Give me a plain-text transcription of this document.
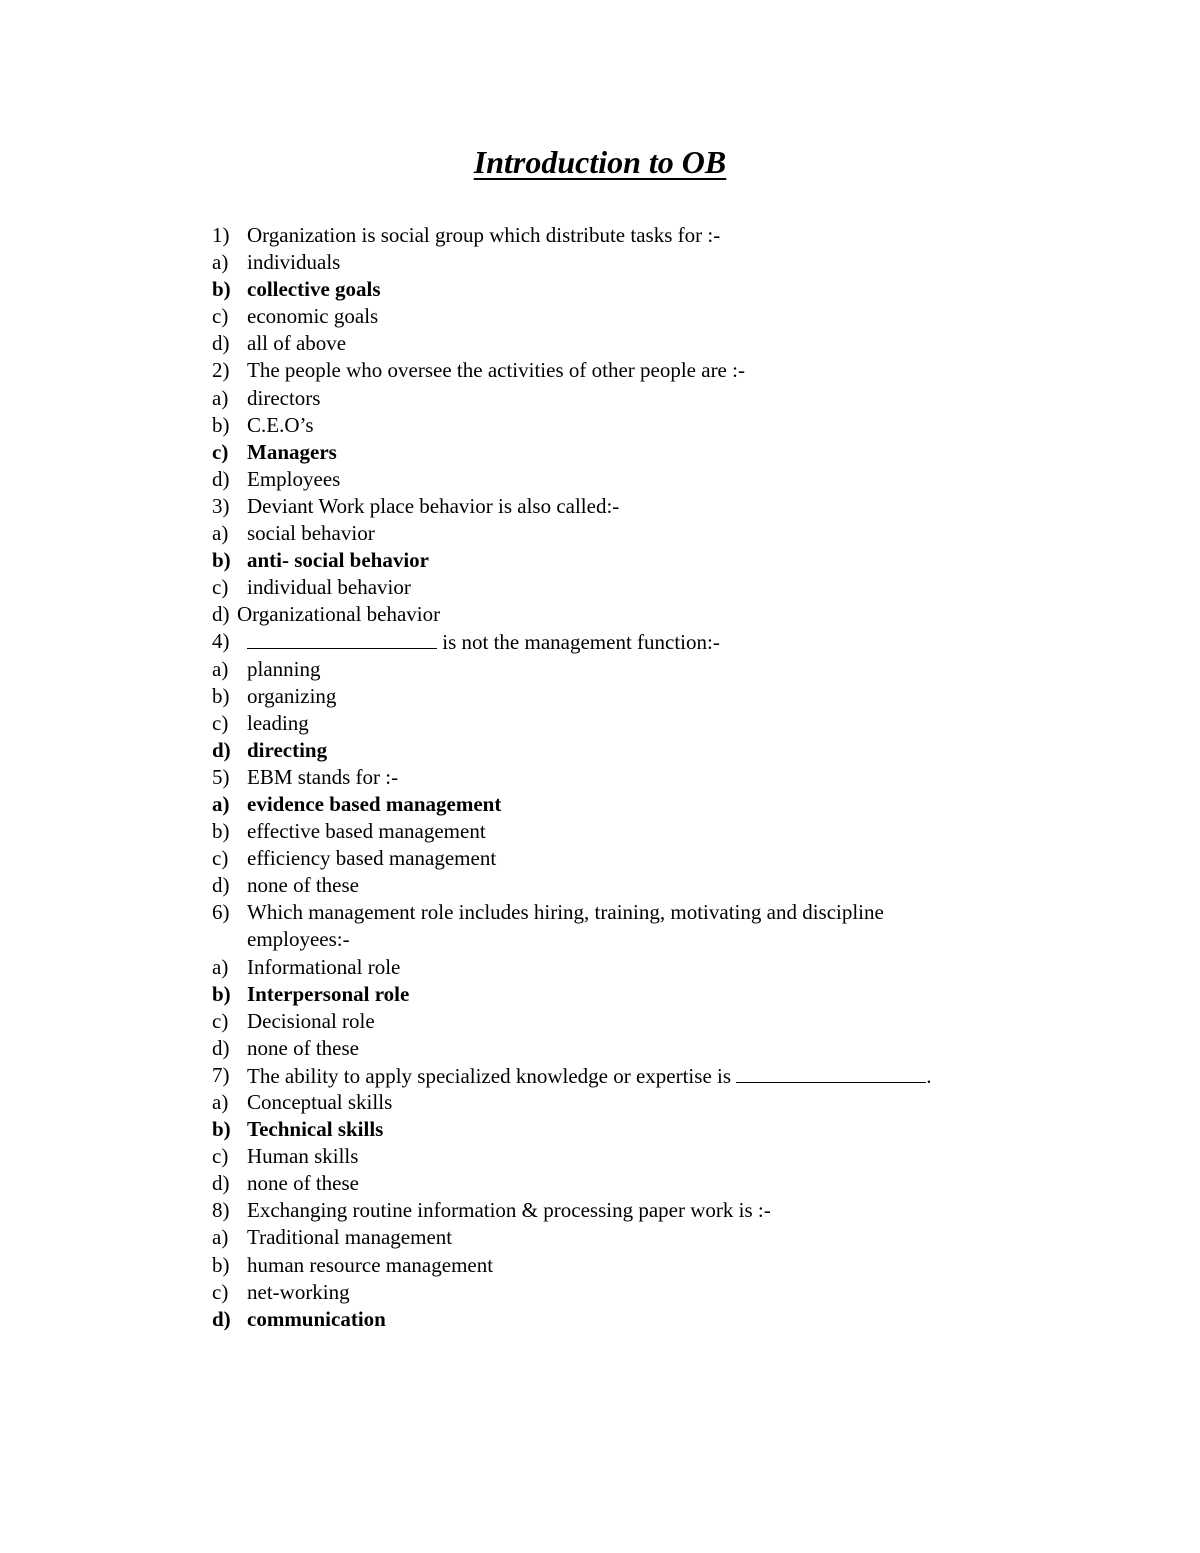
Introduction to OB
1) Organization is social group which distribute tasks for :-
a) individuals
b) collective goals
c) economic goals
d) all of above
2) The people who oversee the activities of other people are :-
a) directors
b) C.E.O’s
c) Managers
d) Employees
3) Deviant Work place behavior is also called:-
a) social behavior
b) anti- social behavior
c) individual behavior
d) Organizational behavior
4)	is not the management function:-
a) planning
b) organizing
c) leading
d) directing
5) EBM stands for :-
a) evidence based management
b) effective based management
c) efficiency based management
d) none of these
6) Which management role includes hiring, training, motivating and discipline employees:-
a) Informational role
b) Interpersonal role
c) Decisional role
d) none of these
7) The ability to apply specialized knowledge or expertise is	.
a) Conceptual skills
b) Technical skills
c) Human skills
d) none of these
8) Exchanging routine information & processing paper work is :-
a) Traditional management
b) human resource management
c) net-working
d) communication
